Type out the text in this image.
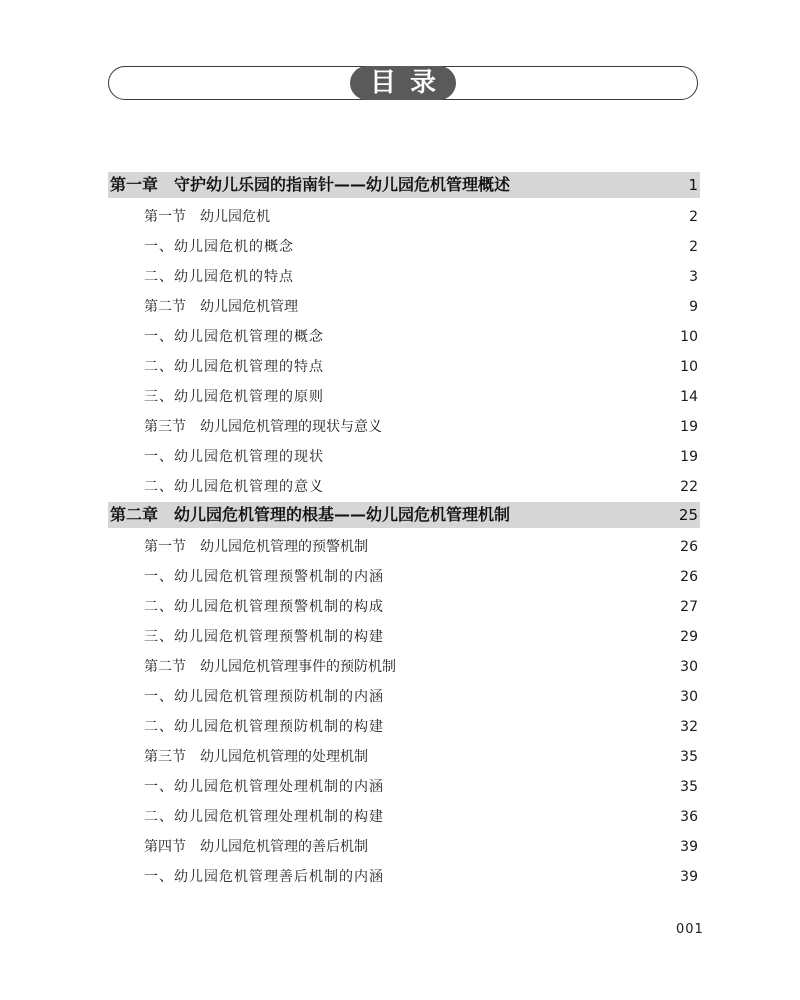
目录
第一章　守护幼儿乐园的指南针——幼儿园危机管理概述	1
第一节　幼儿园危机	2
一、幼儿园危机的概念	2
二、幼儿园危机的特点	3
第二节　幼儿园危机管理	9
一、幼儿园危机管理的概念	10
二、幼儿园危机管理的特点	10
三、幼儿园危机管理的原则	14
第三节　幼儿园危机管理的现状与意义	19
一、幼儿园危机管理的现状	19
二、幼儿园危机管理的意义	22
第二章　幼儿园危机管理的根基——幼儿园危机管理机制	25
第一节　幼儿园危机管理的预警机制	26
一、幼儿园危机管理预警机制的内涵	26
二、幼儿园危机管理预警机制的构成	27
三、幼儿园危机管理预警机制的构建	29
第二节　幼儿园危机管理事件的预防机制	30
一、幼儿园危机管理预防机制的内涵	30
二、幼儿园危机管理预防机制的构建	32
第三节　幼儿园危机管理的处理机制	35
一、幼儿园危机管理处理机制的内涵	35
二、幼儿园危机管理处理机制的构建	36
第四节　幼儿园危机管理的善后机制	39
一、幼儿园危机管理善后机制的内涵	39
001
